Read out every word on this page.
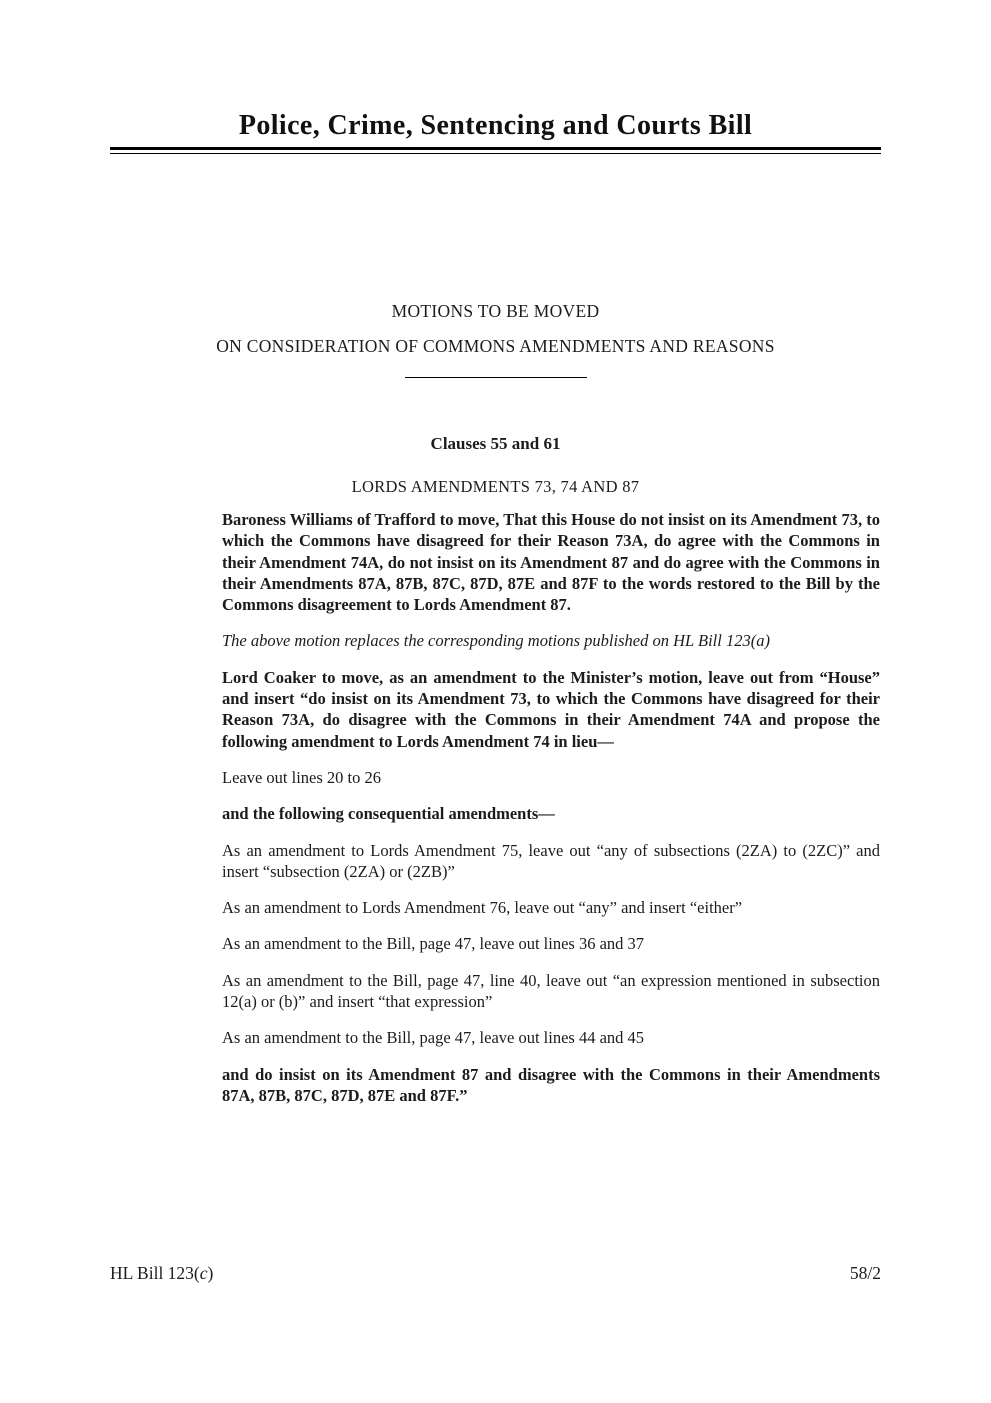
Police, Crime, Sentencing and Courts Bill
MOTIONS TO BE MOVED
ON CONSIDERATION OF COMMONS AMENDMENTS AND REASONS
Clauses 55 and 61
LORDS AMENDMENTS 73, 74 AND 87

Baroness Williams of Trafford to move, That this House do not insist on its Amendment 73, to which the Commons have disagreed for their Reason 73A, do agree with the Commons in their Amendment 74A, do not insist on its Amendment 87 and do agree with the Commons in their Amendments 87A, 87B, 87C, 87D, 87E and 87F to the words restored to the Bill by the Commons disagreement to Lords Amendment 87.

The above motion replaces the corresponding motions published on HL Bill 123(a)

Lord Coaker to move, as an amendment to the Minister’s motion, leave out from “House” and insert “do insist on its Amendment 73, to which the Commons have disagreed for their Reason 73A, do disagree with the Commons in their Amendment 74A and propose the following amendment to Lords Amendment 74 in lieu—

Leave out lines 20 to 26

and the following consequential amendments—

As an amendment to Lords Amendment 75, leave out “any of subsections (2ZA) to (2ZC)” and insert “subsection (2ZA) or (2ZB)”

As an amendment to Lords Amendment 76, leave out “any” and insert “either”

As an amendment to the Bill, page 47, leave out lines 36 and 37

As an amendment to the Bill, page 47, line 40, leave out “an expression mentioned in subsection 12(a) or (b)” and insert “that expression”

As an amendment to the Bill, page 47, leave out lines 44 and 45

and do insist on its Amendment 87 and disagree with the Commons in their Amendments 87A, 87B, 87C, 87D, 87E and 87F.”

HL Bill 123(c)	58/2
